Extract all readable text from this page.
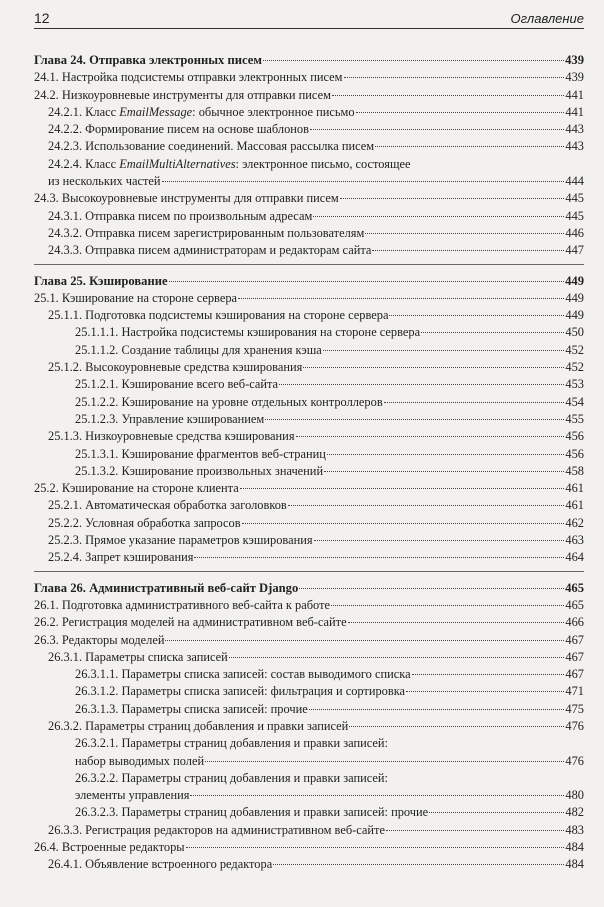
12	Оглавление
Глава 24. Отправка электронных писем	439
24.1. Настройка подсистемы отправки электронных писем	439
24.2. Низкоуровневые инструменты для отправки писем	441
24.2.1. Класс EmailMessage: обычное электронное письмо	441
24.2.2. Формирование писем на основе шаблонов	443
24.2.3. Использование соединений. Массовая рассылка писем	443
24.2.4. Класс EmailMultiAlternatives: электронное письмо, состоящее
из нескольких частей	444
24.3. Высокоуровневые инструменты для отправки писем	445
24.3.1. Отправка писем по произвольным адресам	445
24.3.2. Отправка писем зарегистрированным пользователям	446
24.3.3. Отправка писем администраторам и редакторам сайта	447
Глава 25. Кэширование	449
25.1. Кэширование на стороне сервера	449
25.1.1. Подготовка подсистемы кэширования на стороне сервера	449
25.1.1.1. Настройка подсистемы кэширования на стороне сервера	450
25.1.1.2. Создание таблицы для хранения кэша	452
25.1.2. Высокоуровневые средства кэширования	452
25.1.2.1. Кэширование всего веб-сайта	453
25.1.2.2. Кэширование на уровне отдельных контроллеров	454
25.1.2.3. Управление кэшированием	455
25.1.3. Низкоуровневые средства кэширования	456
25.1.3.1. Кэширование фрагментов веб-страниц	456
25.1.3.2. Кэширование произвольных значений	458
25.2. Кэширование на стороне клиента	461
25.2.1. Автоматическая обработка заголовков	461
25.2.2. Условная обработка запросов	462
25.2.3. Прямое указание параметров кэширования	463
25.2.4. Запрет кэширования	464
Глава 26. Административный веб-сайт Django	465
26.1. Подготовка административного веб-сайта к работе	465
26.2. Регистрация моделей на административном веб-сайте	466
26.3. Редакторы моделей	467
26.3.1. Параметры списка записей	467
26.3.1.1. Параметры списка записей: состав выводимого списка	467
26.3.1.2. Параметры списка записей: фильтрация и сортировка	471
26.3.1.3. Параметры списка записей: прочие	475
26.3.2. Параметры страниц добавления и правки записей	476
26.3.2.1. Параметры страниц добавления и правки записей:
набор выводимых полей	476
26.3.2.2. Параметры страниц добавления и правки записей:
элементы управления	480
26.3.2.3. Параметры страниц добавления и правки записей: прочие	482
26.3.3. Регистрация редакторов на административном веб-сайте	483
26.4. Встроенные редакторы	484
26.4.1. Объявление встроенного редактора	484
